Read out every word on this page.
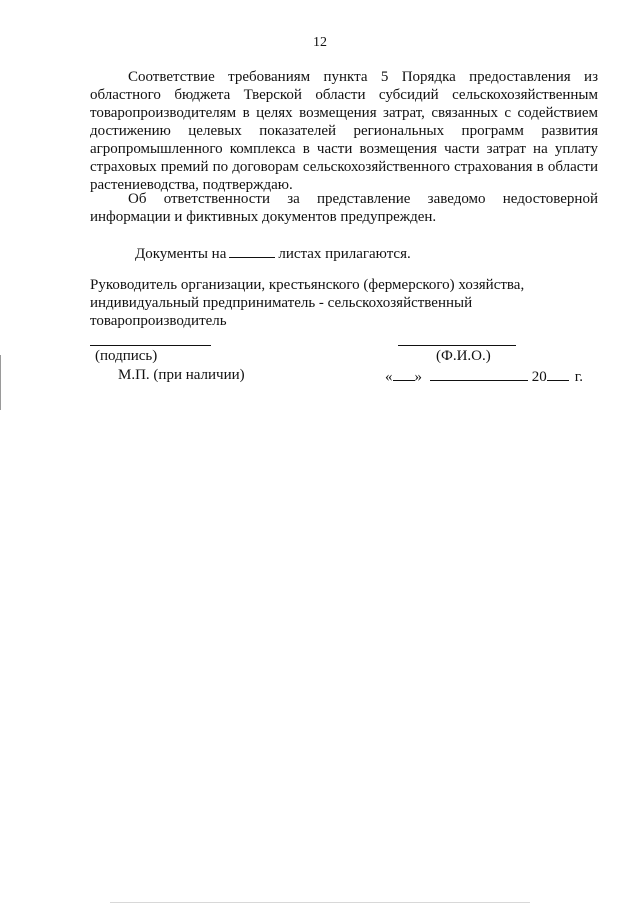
12

Соответствие требованиям пункта 5 Порядка предоставления из областного бюджета Тверской области субсидий сельскохозяйственным товаропроизводителям в целях возмещения затрат, связанных с содействием достижению целевых показателей региональных программ развития агропромышленного комплекса в части возмещения части затрат на уплату страховых премий по договорам сельскохозяйственного страхования в области растениеводства, подтверждаю.

Об ответственности за представление заведомо недостоверной информации и фиктивных документов предупрежден.

Документы на	листах прилагаются.

Руководитель организации, крестьянского (фермерского) хозяйства,
индивидуальный предприниматель - сельскохозяйственный
товаропроизводитель

(подпись)	(Ф.И.О.)
М.П. (при наличии)	« »	20 г.
